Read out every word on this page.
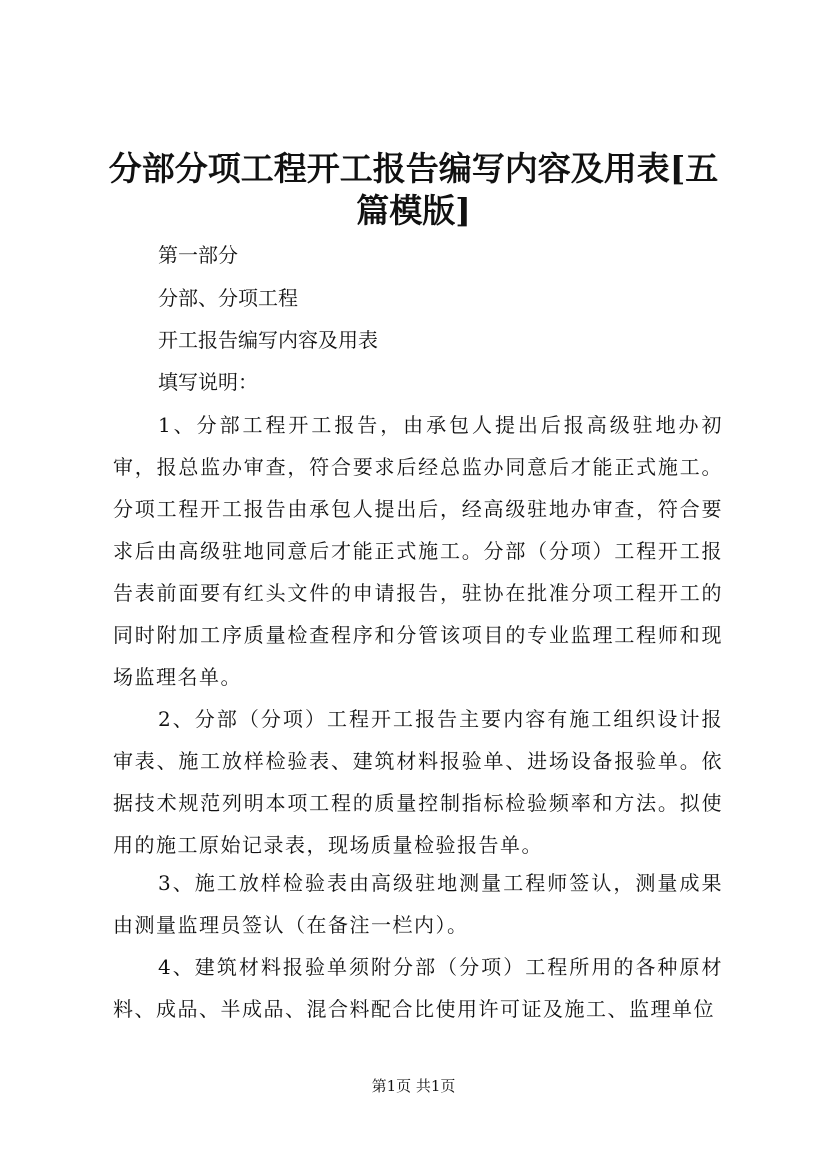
分部分项工程开工报告编写内容及用表[五篇模版]

第一部分

分部、分项工程

开工报告编写内容及用表

填写说明：

1、分部工程开工报告，由承包人提出后报高级驻地办初审，报总监办审查，符合要求后经总监办同意后才能正式施工。分项工程开工报告由承包人提出后，经高级驻地办审查，符合要求后由高级驻地同意后才能正式施工。分部（分项）工程开工报告表前面要有红头文件的申请报告，驻协在批准分项工程开工的同时附加工序质量检查程序和分管该项目的专业监理工程师和现场监理名单。

2、分部（分项）工程开工报告主要内容有施工组织设计报审表、施工放样检验表、建筑材料报验单、进场设备报验单。依据技术规范列明本项工程的质量控制指标检验频率和方法。拟使用的施工原始记录表，现场质量检验报告单。

3、施工放样检验表由高级驻地测量工程师签认，测量成果由测量监理员签认（在备注一栏内）。

4、建筑材料报验单须附分部（分项）工程所用的各种原材料、成品、半成品、混合料配合比使用许可证及施工、监理单位

第1页 共1页
